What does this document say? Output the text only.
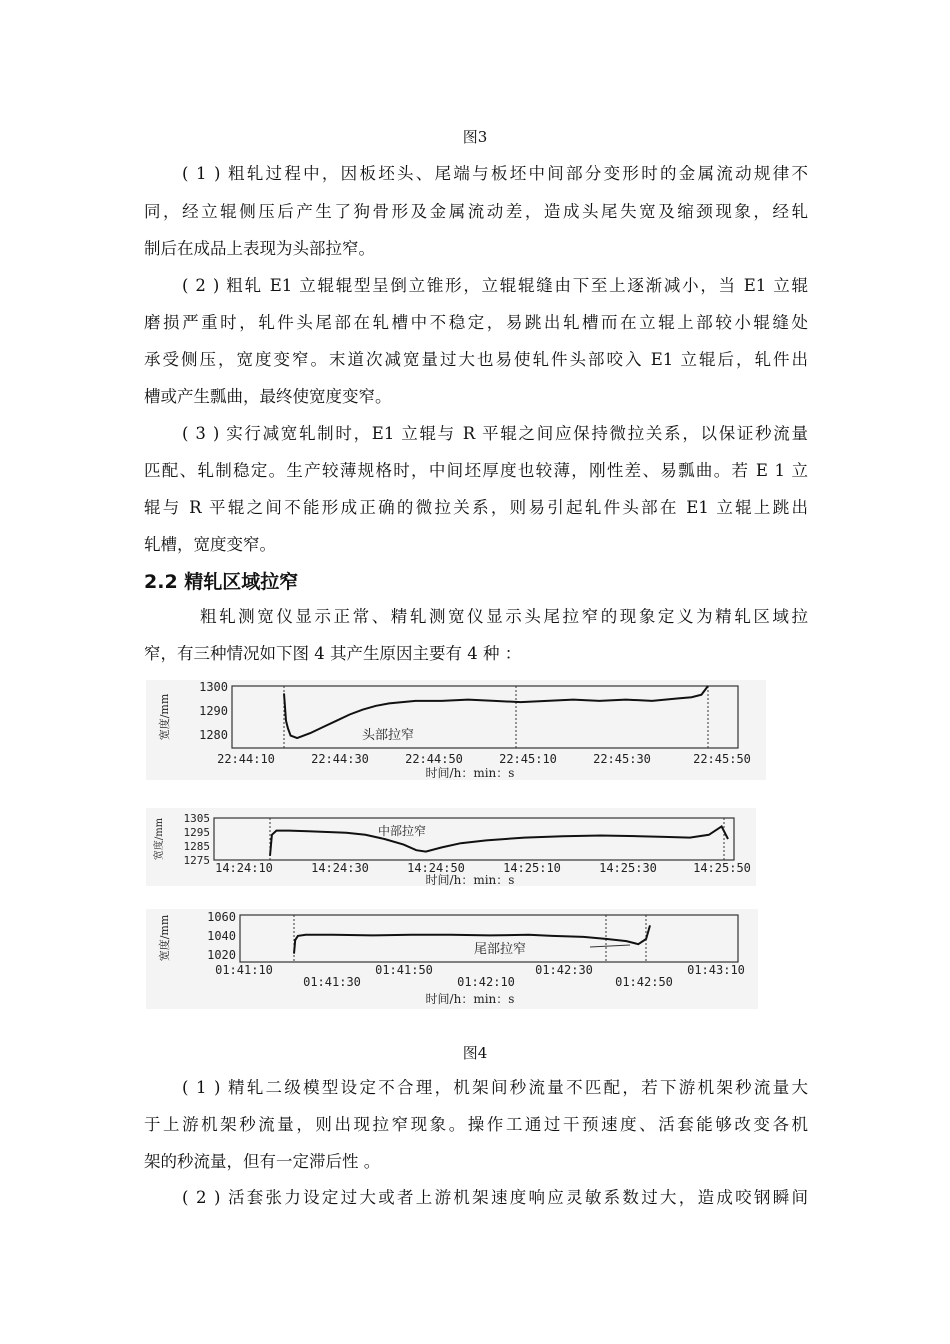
图3
( 1 ) 粗轧过程中，因板坯头、尾端与板坯中间部分变形时的金属流动规律不
同，经立辊侧压后产生了狗骨形及金属流动差，造成头尾失宽及缩颈现象，经轧
制后在成品上表现为头部拉窄。
( 2 ) 粗轧 E1 立辊辊型呈倒立锥形，立辊辊缝由下至上逐渐减小，当 E1 立辊
磨损严重时，轧件头尾部在轧槽中不稳定，易跳出轧槽而在立辊上部较小辊缝处
承受侧压，宽度变窄。末道次减宽量过大也易使轧件头部咬入 E1 立辊后，轧件出
槽或产生瓢曲，最终使宽度变窄。
( 3 ) 实行减宽轧制时，E1 立辊与 R 平辊之间应保持微拉关系，以保证秒流量
匹配、轧制稳定。生产较薄规格时，中间坯厚度也较薄，刚性差、易瓢曲。若 E 1 立
辊与 R 平辊之间不能形成正确的微拉关系，则易引起轧件头部在 E1 立辊上跳出
轧槽，宽度变窄。
2.2 精轧区域拉窄
粗轧测宽仪显示正常、精轧测宽仪显示头尾拉窄的现象定义为精轧区域拉
窄，有三种情况如下图 4 其产生原因主要有 4 种 ：
宽度/mm
1300
1290
1280
22:44:10	22:44:30	22:44:50	22:45:10	22:45:30	22:45:50
时间/h：min：s
头部拉窄
宽度/mm 1305
1295
1285
1275
14:24:10	14:24:30	14:24:50	14:25:10	14:25:30	14:25:50
时间/h：min：s
中部拉窄
宽度/mm	1060
1040
1020
01:41:10	01:41:50	01:42:30	01:43:10
01:41:30	01:42:10	01:42:50
时间/h：min：s
尾部拉窄
图4
( 1 ) 精轧二级模型设定不合理，机架间秒流量不匹配，若下游机架秒流量大
于上游机架秒流量，则出现拉窄现象。操作工通过干预速度、活套能够改变各机
架的秒流量，但有一定滞后性 。
( 2 ) 活套张力设定过大或者上游机架速度响应灵敏系数过大，造成咬钢瞬间
